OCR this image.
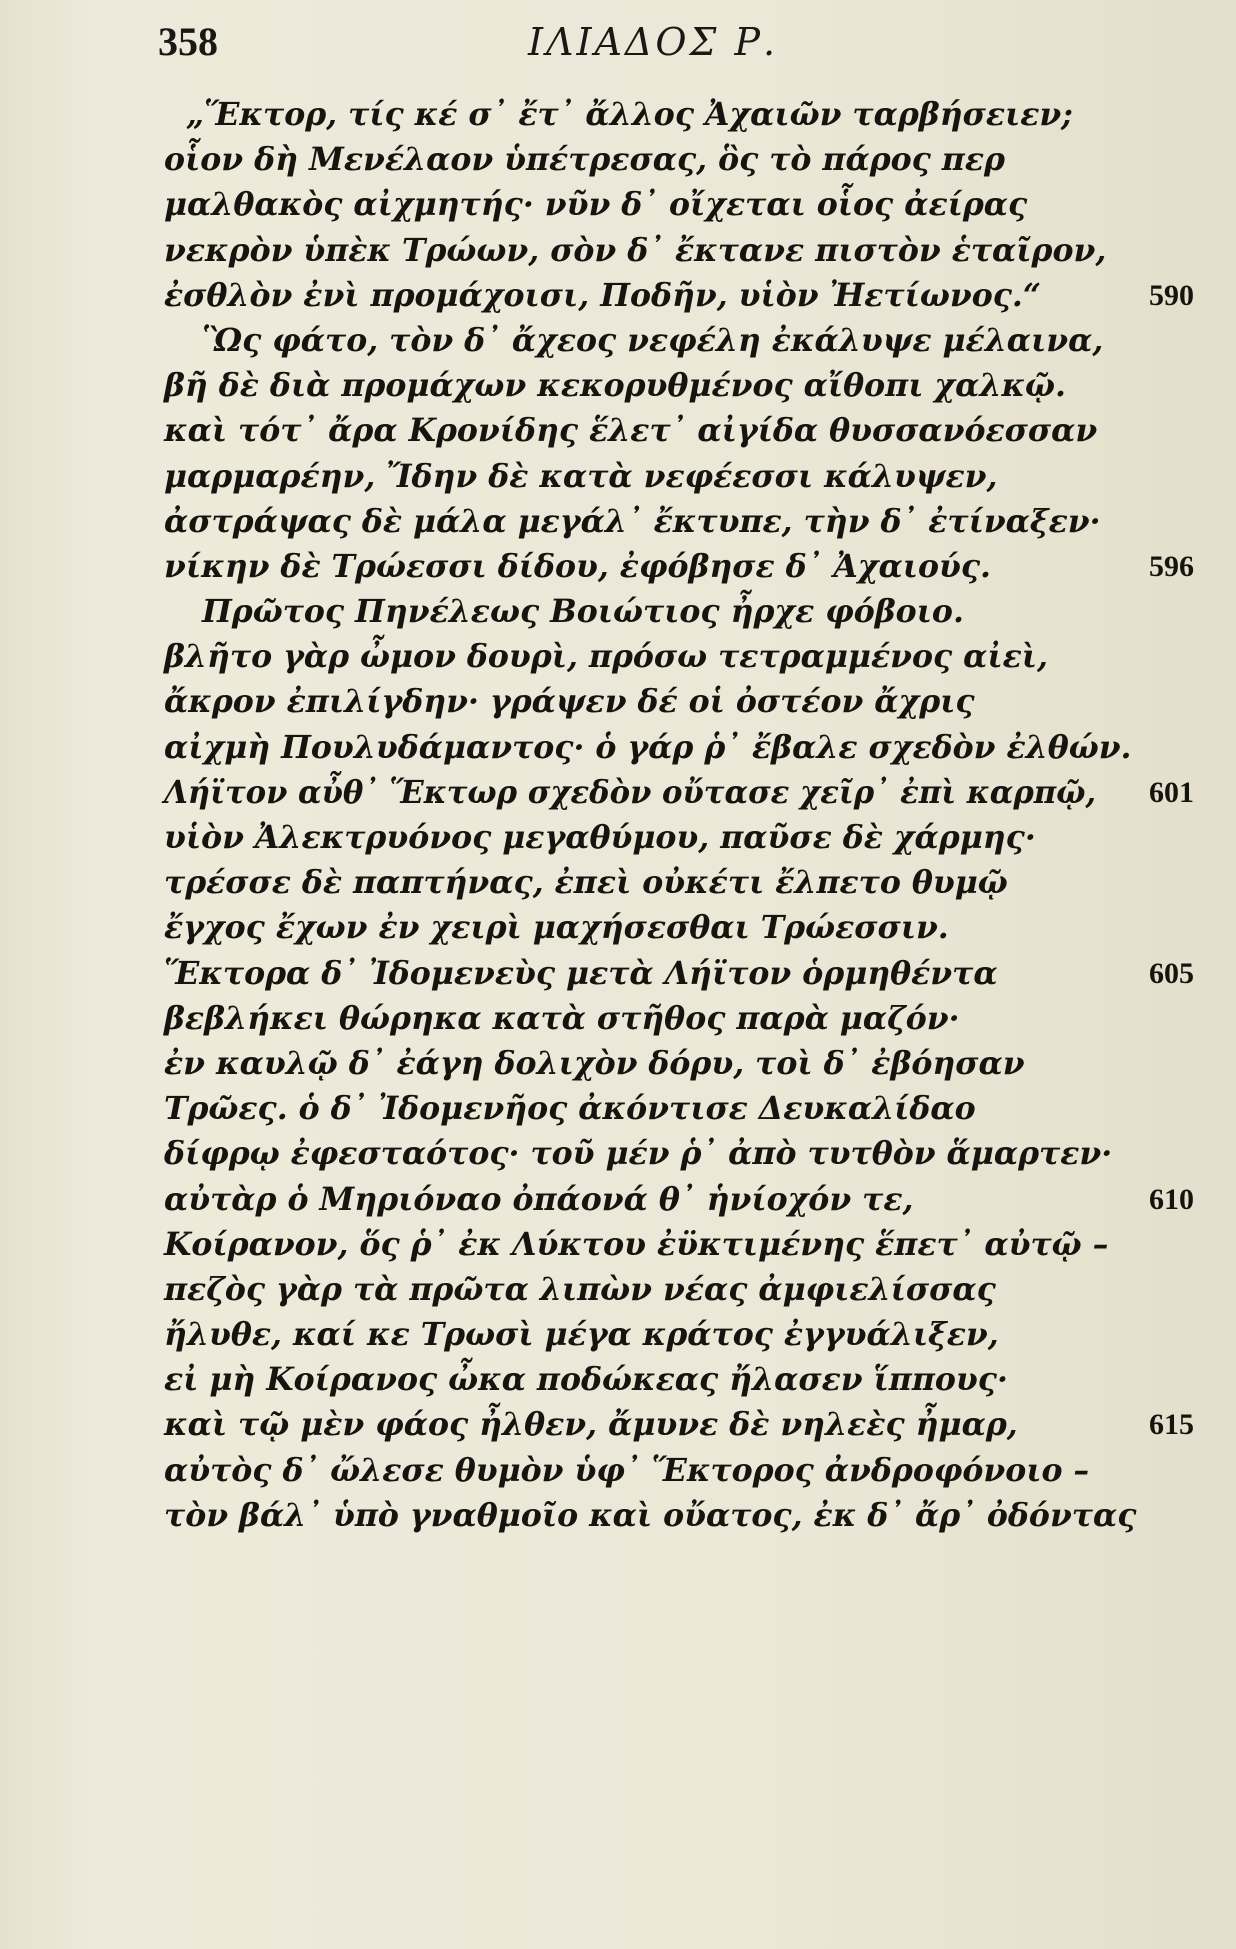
358	ΙΛΙΑΔΟΣ Ρ.
„Ἕκτορ, τίς κέ σ᾽ ἔτ᾽ ἄλλος Ἀχαιῶν ταρβήσειεν;
οἷον δὴ Μενέλαον ὑπέτρεσας, ὃς τὸ πάρος περ
μαλθακὸς αἰχμητής· νῦν δ᾽ οἴχεται οἷος ἀείρας
νεκρὸν ὑπὲκ Τρώων, σὸν δ᾽ ἔκτανε πιστὸν ἑταῖρον,
ἐσθλὸν ἐνὶ προμάχοισι, Ποδῆν, υἱὸν Ἠετίωνος.“	590
Ὣς φάτο, τὸν δ᾽ ἄχεος νεφέλη ἐκάλυψε μέλαινα,
βῆ δὲ διὰ προμάχων κεκορυθμένος αἴθοπι χαλκῷ.
καὶ τότ᾽ ἄρα Κρονίδης ἕλετ᾽ αἰγίδα θυσσανόεσσαν
μαρμαρέην, Ἴδην δὲ κατὰ νεφέεσσι κάλυψεν,
ἀστράψας δὲ μάλα μεγάλ᾽ ἔκτυπε, τὴν δ᾽ ἐτίναξεν·
νίκην δὲ Τρώεσσι δίδου, ἐφόβησε δ᾽ Ἀχαιούς.	596
Πρῶτος Πηνέλεως Βοιώτιος ἦρχε φόβοιο.
βλῆτο γὰρ ὦμον δουρὶ, πρόσω τετραμμένος αἰεὶ,
ἄκρον ἐπιλίγδην· γράψεν δέ οἱ ὀστέον ἄχρις
αἰχμὴ Πουλυδάμαντος· ὁ γάρ ῥ᾽ ἔβαλε σχεδὸν ἐλθών.
Λήϊτον αὖθ᾽ Ἕκτωρ σχεδὸν οὔτασε χεῖρ᾽ ἐπὶ καρπῷ, 601
υἱὸν Ἀλεκτρυόνος μεγαθύμου, παῦσε δὲ χάρμης·
τρέσσε δὲ παπτήνας, ἐπεὶ οὐκέτι ἔλπετο θυμῷ
ἔγχος ἔχων ἐν χειρὶ μαχήσεσθαι Τρώεσσιν.
Ἕκτορα δ᾽ Ἰδομενεὺς μετὰ Λήϊτον ὁρμηθέντα	605
βεβλήκει θώρηκα κατὰ στῆθος παρὰ μαζόν·
ἐν καυλῷ δ᾽ ἐάγη δολιχὸν δόρυ, τοὶ δ᾽ ἐβόησαν
Τρῶες. ὁ δ᾽ Ἰδομενῆος ἀκόντισε Δευκαλίδαο
δίφρῳ ἐφεσταότος· τοῦ μέν ῥ᾽ ἀπὸ τυτθὸν ἅμαρτεν·
αὐτὰρ ὁ Μηριόναο ὀπάονά θ᾽ ἡνίοχόν τε,	610
Κοίρανον, ὅς ῥ᾽ ἐκ Λύκτου ἐϋκτιμένης ἕπετ᾽ αὐτῷ –
πεζὸς γὰρ τὰ πρῶτα λιπὼν νέας ἀμφιελίσσας
ἤλυθε, καί κε Τρωσὶ μέγα κράτος ἐγγυάλιξεν,
εἰ μὴ Κοίρανος ὦκα ποδώκεας ἤλασεν ἵππους·
καὶ τῷ μὲν φάος ἦλθεν, ἄμυνε δὲ νηλεὲς ἦμαρ,	615
αὐτὸς δ᾽ ὤλεσε θυμὸν ὑφ᾽ Ἕκτορος ἀνδροφόνοιο –
τὸν βάλ᾽ ὑπὸ γναθμοῖο καὶ οὔατος, ἐκ δ᾽ ἄρ᾽ ὀδόντας
